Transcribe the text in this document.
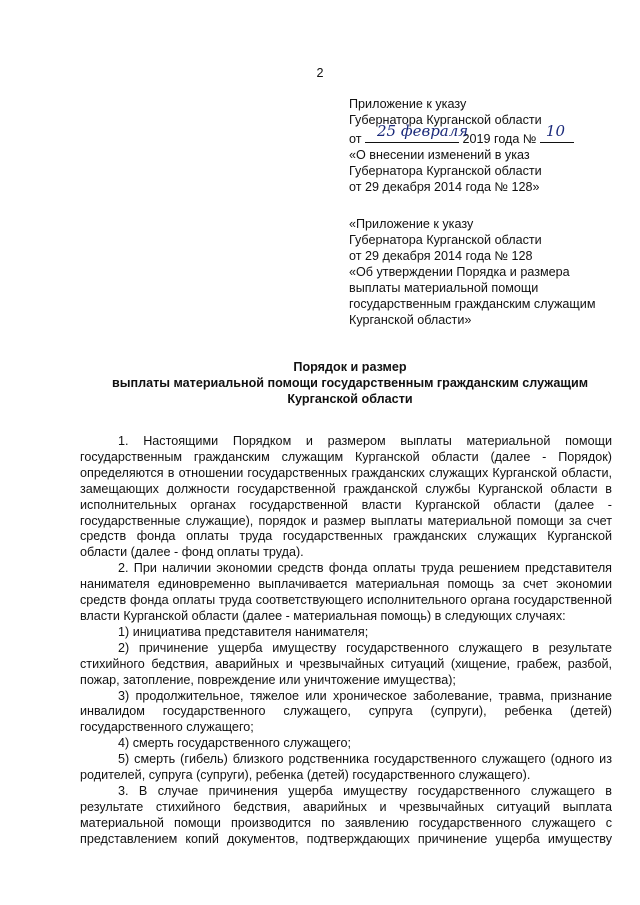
2

Приложение к указу

Губернатора Курганской области

от 25 февраля
2019 года № 10

«О внесении изменений в указ

Губернатора Курганской области

от 29 декабря 2014 года № 128»

«Приложение к указу

Губернатора Курганской области

от 29 декабря 2014 года № 128

«Об утверждении Порядка и размера

выплаты материальной помощи

государственным гражданским служащим

Курганской области»

Порядок и размер

выплаты материальной помощи государственным гражданским служащим

Курганской области

1. Настоящими Порядком и размером выплаты материальной помощи государственным гражданским служащим Курганской области (далее - Порядок) определяются в отношении государственных гражданских служащих Курганской области, замещающих должности государственной гражданской службы Курганской области в исполнительных органах государственной власти Курганской области (далее - государственные служащие), порядок и размер выплаты материальной помощи за счет средств фонда оплаты труда государственных гражданских служащих Курганской области (далее - фонд оплаты труда).

2. При наличии экономии средств фонда оплаты труда решением представителя нанимателя единовременно выплачивается материальная помощь за счет экономии средств фонда оплаты труда соответствующего исполнительного органа государственной власти Курганской области (далее - материальная помощь) в следующих случаях:

1) инициатива представителя нанимателя;

2) причинение ущерба имуществу государственного служащего в результате стихийного бедствия, аварийных и чрезвычайных ситуаций (хищение, грабеж, разбой, пожар, затопление, повреждение или уничтожение имущества);

3) продолжительное, тяжелое или хроническое заболевание, травма, признание инвалидом государственного служащего, супруга (супруги), ребенка (детей) государственного служащего;

4) смерть государственного служащего;

5) смерть (гибель) близкого родственника государственного служащего (одного из родителей, супруга (супруги), ребенка (детей) государственного служащего).

3. В случае причинения ущерба имуществу государственного служащего в результате стихийного бедствия, аварийных и чрезвычайных ситуаций выплата материальной помощи производится по заявлению государственного служащего с представлением копий документов, подтверждающих причинение ущерба имуществу
